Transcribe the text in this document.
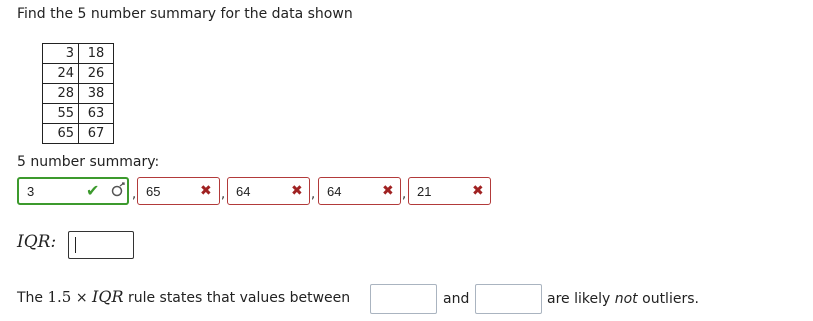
Find the 5 number summary for the data shown
3	18
24	26
28	38
55	63
65	67
5 number summary:
3	✔	, 65	✖ , 64	✖ , 64	✖ , 21	✖
IQR:
The 1.5 × IQR rule states that values between	and	are likely not outliers.
